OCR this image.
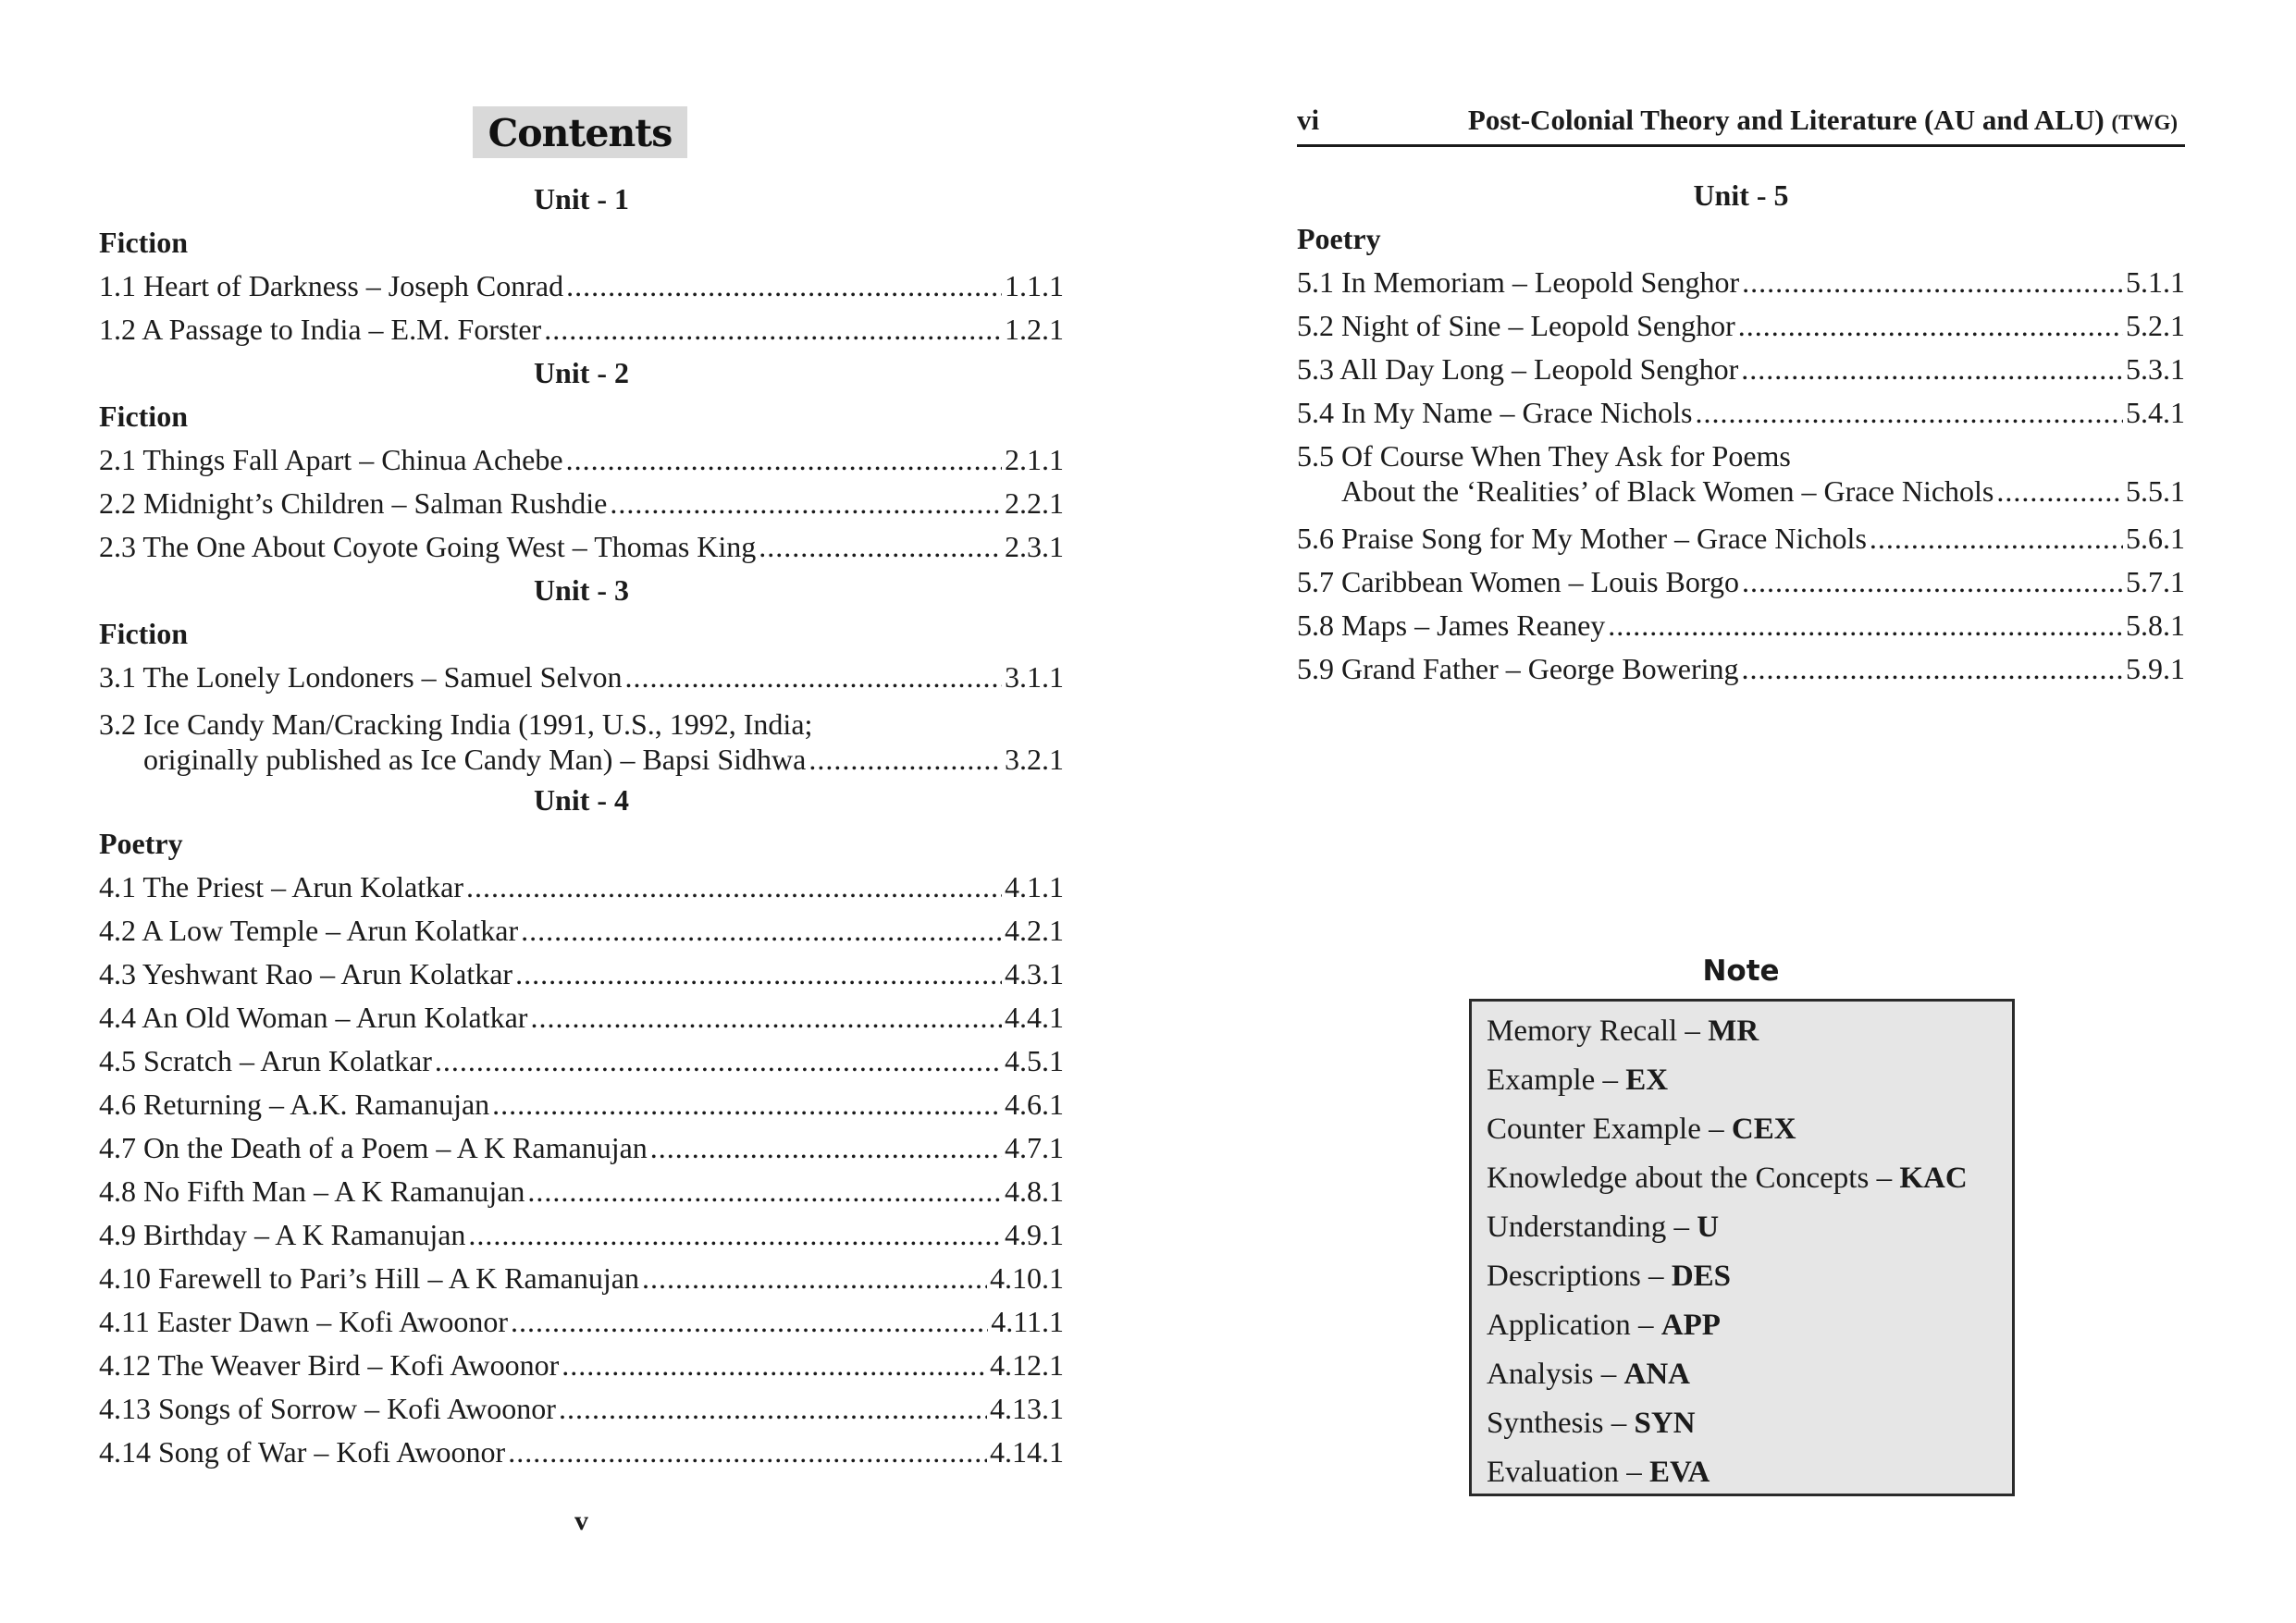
Contents
Unit - 1
Fiction
1.1 Heart of Darkness – Joseph Conrad .....	1.1.1
1.2 A Passage to India – E.M. Forster .....	1.2.1
Unit - 2
Fiction
2.1 Things Fall Apart – Chinua Achebe .....	2.1.1
2.2 Midnight’s Children – Salman Rushdie .....	2.2.1
2.3 The One About Coyote Going West – Thomas King .....	2.3.1
Unit - 3
Fiction
3.1 The Lonely Londoners – Samuel Selvon .....	3.1.1
3.2 Ice Candy Man/Cracking India (1991, U.S., 1992, India;
originally published as Ice Candy Man) – Bapsi Sidhwa .....	3.2.1
Unit - 4
Poetry
4.1 The Priest – Arun Kolatkar .....	4.1.1
4.2 A Low Temple – Arun Kolatkar .....	4.2.1
4.3 Yeshwant Rao – Arun Kolatkar .....	4.3.1
4.4 An Old Woman – Arun Kolatkar .....	4.4.1
4.5 Scratch – Arun Kolatkar .....	4.5.1
4.6 Returning – A.K. Ramanujan .....	4.6.1
4.7 On the Death of a Poem – A K Ramanujan .....	4.7.1
4.8 No Fifth Man – A K Ramanujan .....	4.8.1
4.9 Birthday – A K Ramanujan .....	4.9.1
4.10 Farewell to Pari’s Hill – A K Ramanujan .....	4.10.1
4.11 Easter Dawn – Kofi Awoonor .....	4.11.1
4.12 The Weaver Bird – Kofi Awoonor .....	4.12.1
4.13 Songs of Sorrow – Kofi Awoonor .....	4.13.1
4.14 Song of War – Kofi Awoonor .....	4.14.1
v
vi	Post-Colonial Theory and Literature (AU and ALU) (TWG)
Unit - 5
Poetry
5.1 In Memoriam – Leopold Senghor .....	5.1.1
5.2 Night of Sine – Leopold Senghor .....	5.2.1
5.3 All Day Long – Leopold Senghor .....	5.3.1
5.4 In My Name – Grace Nichols .....	5.4.1
5.5 Of Course When They Ask for Poems
About the ‘Realities’ of Black Women – Grace Nichols .....	5.5.1
5.6 Praise Song for My Mother – Grace Nichols .....	5.6.1
5.7 Caribbean Women – Louis Borgo .....	5.7.1
5.8 Maps – James Reaney .....	5.8.1
5.9 Grand Father – George Bowering .....	5.9.1
Note
Memory Recall – MR
Example – EX
Counter Example – CEX
Knowledge about the Concepts – KAC
Understanding – U
Descriptions – DES
Application – APP
Analysis – ANA
Synthesis – SYN
Evaluation – EVA
